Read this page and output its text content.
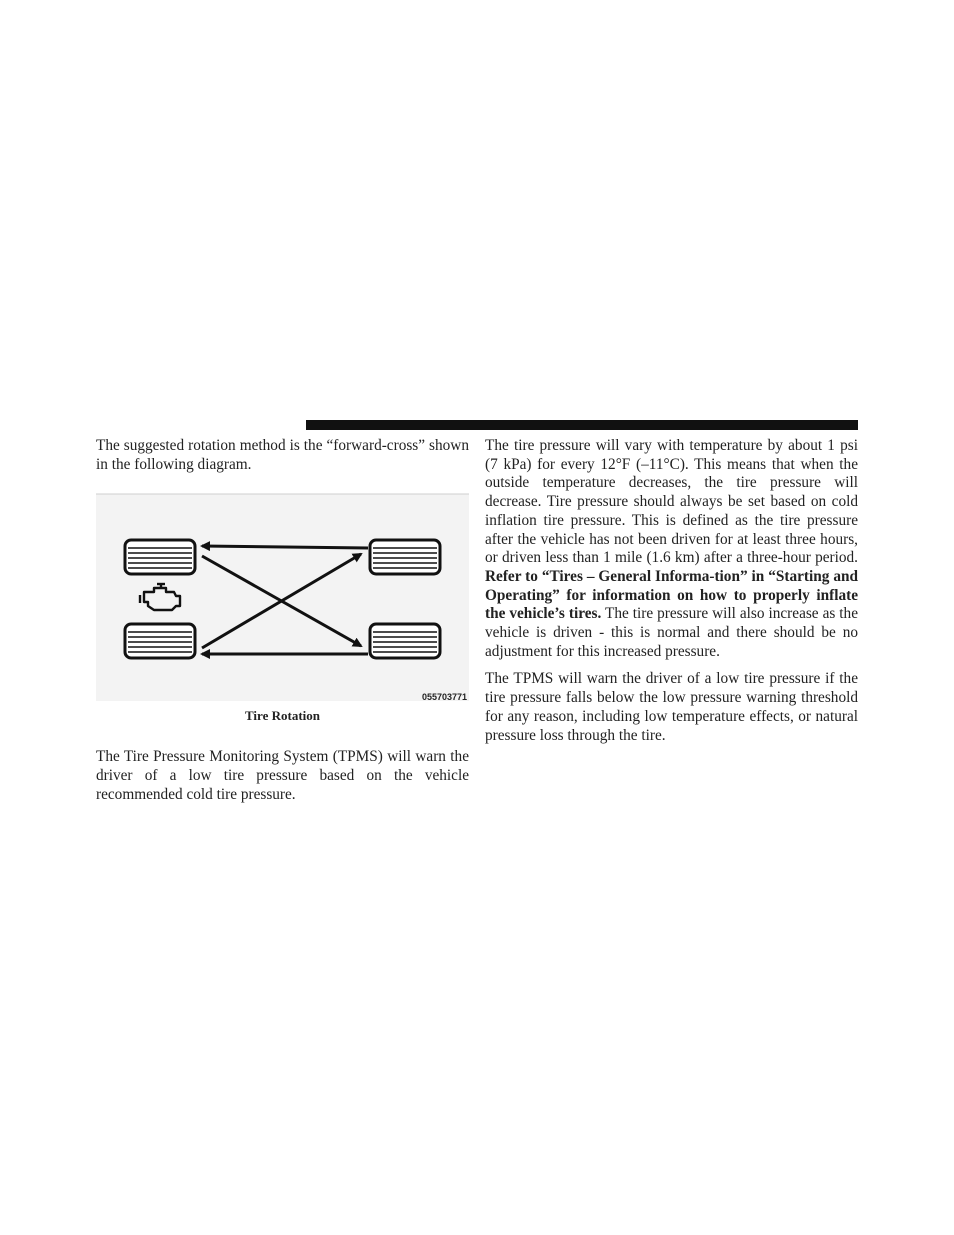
The suggested rotation method is the “forward-cross” shown in the following diagram.

055703771
Tire Rotation

The Tire Pressure Monitoring System (TPMS) will warn the driver of a low tire pressure based on the vehicle recommended cold tire pressure.

The tire pressure will vary with temperature by about 1 psi (7 kPa) for every 12°F (–11°C). This means that when the outside temperature decreases, the tire pressure will decrease. Tire pressure should always be set based on cold inflation tire pressure. This is defined as the tire pressure after the vehicle has not been driven for at least three hours, or driven less than 1 mile (1.6 km) after a three-hour period. Refer to “Tires – General Informa-tion” in “Starting and Operating” for information on how to properly inflate the vehicle’s tires. The tire pressure will also increase as the vehicle is driven - this is normal and there should be no adjustment for this increased pressure.

The TPMS will warn the driver of a low tire pressure if the tire pressure falls below the low pressure warning threshold for any reason, including low temperature effects, or natural pressure loss through the tire.
